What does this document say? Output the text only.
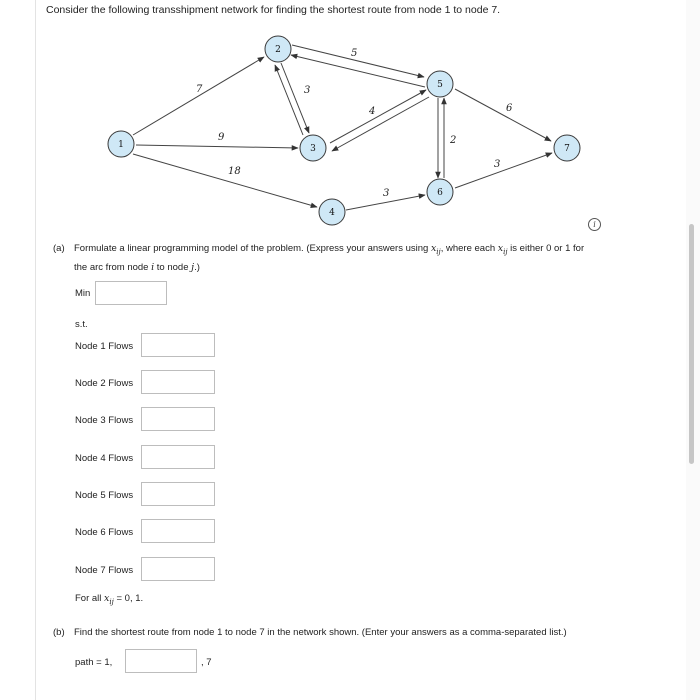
Consider the following transshipment network for finding the shortest route from node 1 to node 7.
7
9
18
3
5
4
2
6
3
3
1
2
3
4
5
6
7
i
(a) Formulate a linear programming model of the problem. (Express your answers using $x_{ij}$, where each $x_{ij}$ is either 0 or 1 for
the arc from node i to node j.)
Min
s.t.
Node 1 Flows
Node 2 Flows
Node 3 Flows
Node 4 Flows
Node 5 Flows
Node 6 Flows
Node 7 Flows
For all $x_{ij} = 0$, 1.
(b) Find the shortest route from node 1 to node 7 in the network shown. (Enter your answers as a comma-separated list.)
path = 1,	, 7
